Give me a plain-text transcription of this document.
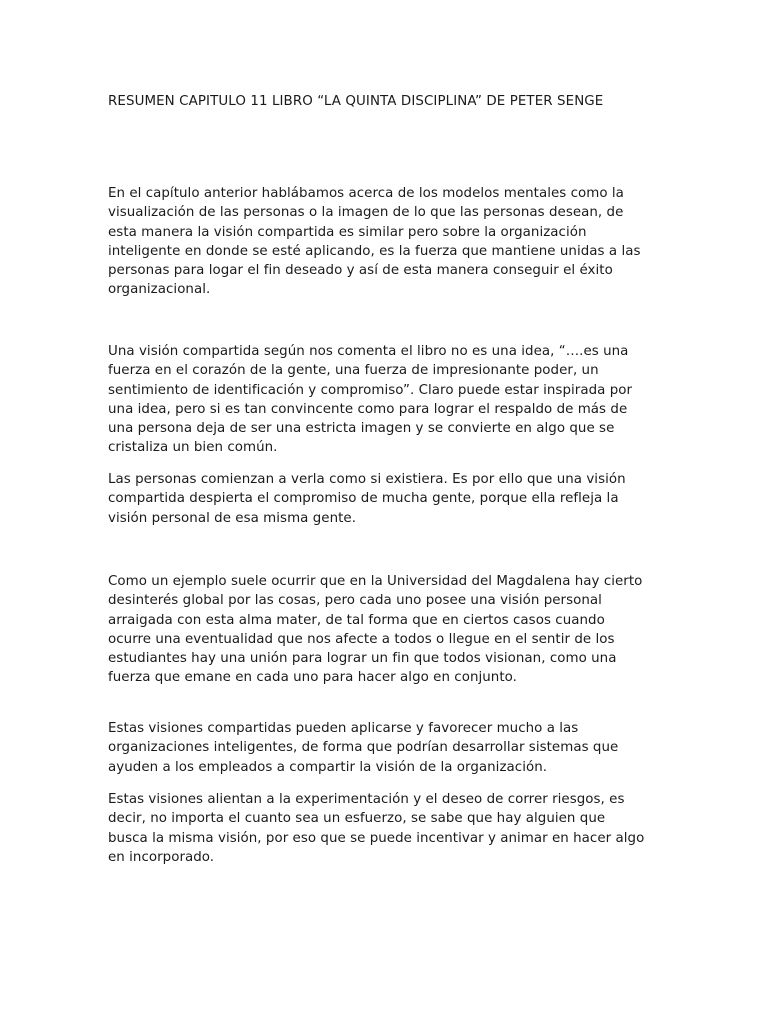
RESUMEN CAPITULO 11 LIBRO “LA QUINTA DISCIPLINA” DE PETER SENGE

En el capítulo anterior hablábamos acerca de los modelos mentales como la visualización de las personas o la imagen de lo que las personas desean, de esta manera la visión compartida es similar pero sobre la organización inteligente en donde se esté aplicando, es la fuerza que mantiene unidas a las personas para logar el fin deseado y así de esta manera conseguir el éxito organizacional.

Una visión compartida según nos comenta el libro no es una idea, “….es una fuerza en el corazón de la gente, una fuerza de impresionante poder, un sentimiento de identificación y compromiso”. Claro puede estar inspirada por una idea, pero si es tan convincente como para lograr el respaldo de más de una persona deja de ser una estricta imagen y se convierte en algo que se cristaliza un bien común.

Las personas comienzan a verla como si existiera. Es por ello que una visión compartida despierta el compromiso de mucha gente, porque ella refleja la visión personal de esa misma gente.

Como un ejemplo suele ocurrir que en la Universidad del Magdalena hay cierto desinterés global por las cosas, pero cada uno posee una visión personal arraigada con esta alma mater, de tal forma que en ciertos casos cuando ocurre una eventualidad que nos afecte a todos o llegue en el sentir de los estudiantes hay una unión para lograr un fin que todos visionan, como una fuerza que emane en cada uno para hacer algo en conjunto.

Estas visiones compartidas pueden aplicarse y favorecer mucho a las organizaciones inteligentes, de forma que podrían desarrollar sistemas que ayuden a los empleados a compartir la visión de la organización.

Estas visiones alientan a la experimentación y el deseo de correr riesgos, es decir, no importa el cuanto sea un esfuerzo, se sabe que hay alguien que busca la misma visión, por eso que se puede incentivar y animar en hacer algo en incorporado.
